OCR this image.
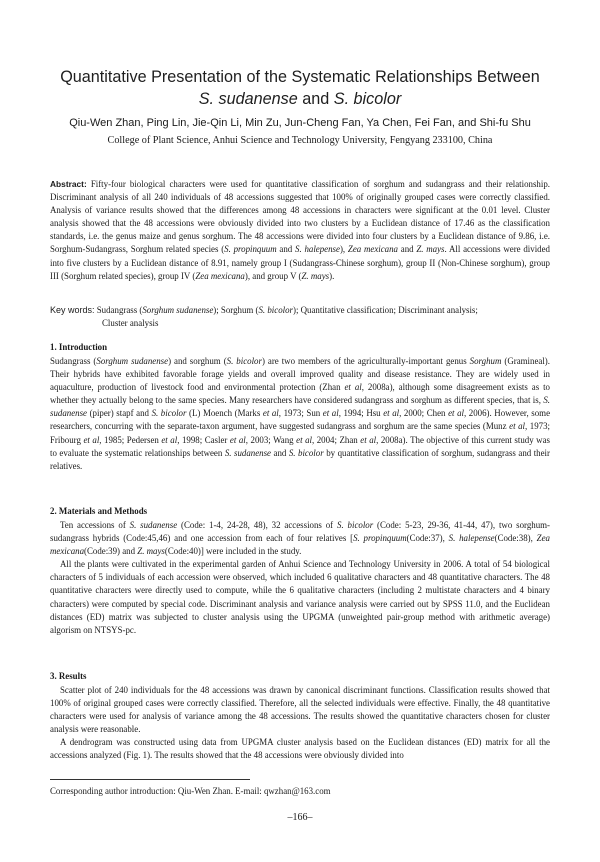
Quantitative Presentation of the Systematic Relationships Between
S. sudanense and S. bicolor
Qiu-Wen Zhan, Ping Lin, Jie-Qin Li, Min Zu, Jun-Cheng Fan, Ya Chen, Fei Fan, and Shi-fu Shu
College of Plant Science, Anhui Science and Technology University, Fengyang 233100, China
Abstract: Fifty-four biological characters were used for quantitative classification of sorghum and sudangrass and their relationship. Discriminant analysis of all 240 individuals of 48 accessions suggested that 100% of originally grouped cases were correctly classified. Analysis of variance results showed that the differences among 48 accessions in characters were significant at the 0.01 level. Cluster analysis showed that the 48 accessions were obviously divided into two clusters by a Euclidean distance of 17.46 as the classification standards, i.e. the genus maize and genus sorghum. The 48 accessions were divided into four clusters by a Euclidean distance of 9.86, i.e. Sorghum-Sudangrass, Sorghum related species (S. propinquum and S. halepense), Zea mexicana and Z. mays. All accessions were divided into five clusters by a Euclidean distance of 8.91, namely group I (Sudangrass-Chinese sorghum), group II (Non-Chinese sorghum), group III (Sorghum related species), group IV (Zea mexicana), and group V (Z. mays).
Key words: Sudangrass (Sorghum sudanense); Sorghum (S. bicolor); Quantitative classification; Discriminant analysis;
Cluster analysis
1. Introduction

Sudangrass (Sorghum sudanense) and sorghum (S. bicolor) are two members of the agriculturally-important genus Sorghum (Gramineal). Their hybrids have exhibited favorable forage yields and overall improved quality and disease resistance. They are widely used in aquaculture, production of livestock food and environmental protection (Zhan et al, 2008a), although some disagreement exists as to whether they actually belong to the same species. Many researchers have considered sudangrass and sorghum as different species, that is, S. sudanense (piper) stapf and S. bicolor (L) Moench (Marks et al, 1973; Sun et al, 1994; Hsu et al, 2000; Chen et al, 2006). However, some researchers, concurring with the separate-taxon argument, have suggested sudangrass and sorghum are the same species (Munz et al, 1973; Fribourg et al, 1985; Pedersen et al, 1998; Casler et al, 2003; Wang et al, 2004; Zhan et al, 2008a). The objective of this current study was to evaluate the systematic relationships between S. sudanense and S. bicolor by quantitative classification of sorghum, sudangrass and their relatives.

2. Materials and Methods

Ten accessions of S. sudanense (Code: 1-4, 24-28, 48), 32 accessions of S. bicolor (Code: 5-23, 29-36, 41-44, 47), two sorghum-sudangrass hybrids (Code:45,46) and one accession from each of four relatives [S. propinquum(Code:37), S. halepense(Code:38), Zea mexicana(Code:39) and Z. mays(Code:40)] were included in the study.

All the plants were cultivated in the experimental garden of Anhui Science and Technology University in 2006. A total of 54 biological characters of 5 individuals of each accession were observed, which included 6 qualitative characters and 48 quantitative characters. The 48 quantitative characters were directly used to compute, while the 6 qualitative characters (including 2 multistate characters and 4 binary characters) were computed by special code. Discriminant analysis and variance analysis were carried out by SPSS 11.0, and the Euclidean distances (ED) matrix was subjected to cluster analysis using the UPGMA (unweighted pair-group method with arithmetic average) algorism on NTSYS-pc.

3. Results

Scatter plot of 240 individuals for the 48 accessions was drawn by canonical discriminant functions. Classification results showed that 100% of original grouped cases were correctly classified. Therefore, all the selected individuals were effective. Finally, the 48 quantitative characters were used for analysis of variance among the 48 accessions. The results showed the quantitative characters chosen for cluster analysis were reasonable.

A dendrogram was constructed using data from UPGMA cluster analysis based on the Euclidean distances (ED) matrix for all the accessions analyzed (Fig. 1). The results showed that the 48 accessions were obviously divided into

Corresponding author introduction: Qiu-Wen Zhan. E-mail: qwzhan@163.com
–166–
